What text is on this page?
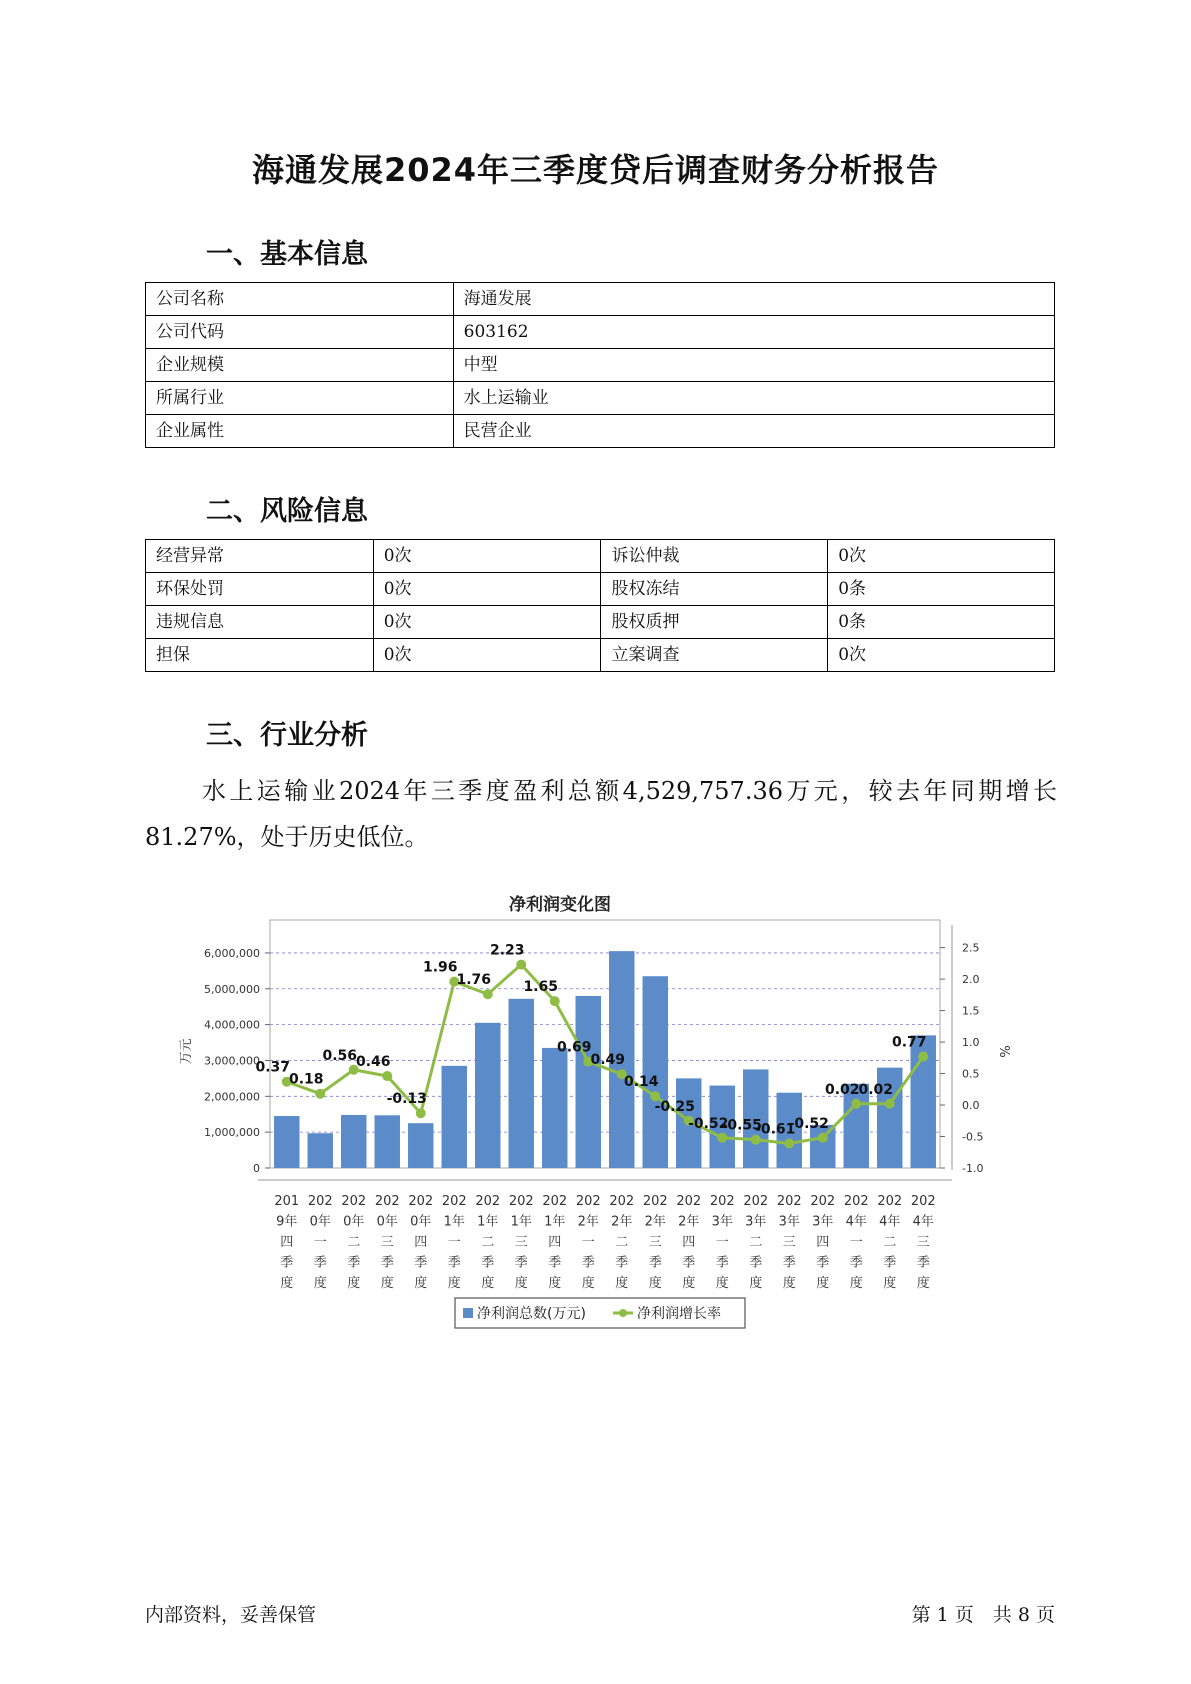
海通发展2024年三季度贷后调查财务分析报告
一、基本信息
公司名称	海通发展
公司代码	603162
企业规模	中型
所属行业	水上运输业
企业属性	民营企业
二、风险信息
经营异常	0次	诉讼仲裁	0次
环保处罚	0次	股权冻结	0条
违规信息	0次	股权质押	0条
担保	0次	立案调查	0次
三、行业分析
水上运输业2024年三季度盈利总额4,529,757.36万元，较去年同期增长81.27%，处于历史低位。
净利润变化图
0
1,000,000
2,000,000
3,000,000
4,000,000
5,000,000
6,000,000
-1.0
-0.5
0.0
0.5
1.0
1.5
2.0
2.5
万元	%
0.37
0.18
0.56
0.46
-0.13
1.96
1.76
2.23
1.65
0.69
0.49
0.14
-0.25
-0.52
-0.55
-0.61
-0.52
0.02
0.02
0.77
201 9年四季度
202 0年一季度
202 0年二季度
202 0年三季度
202 0年四季度
202 1年一季度
202 1年二季度
202 1年三季度
202 1年四季度
202 2年一季度
202 2年二季度
202 2年三季度
202 2年四季度
202 3年一季度
202 3年二季度
202 3年三季度
202 3年四季度
202 4年一季度
202 4年二季度
202 4年三季度
净利润总数(万元)	净利润增长率
内部资料，妥善保管	第 1 页　共 8 页
